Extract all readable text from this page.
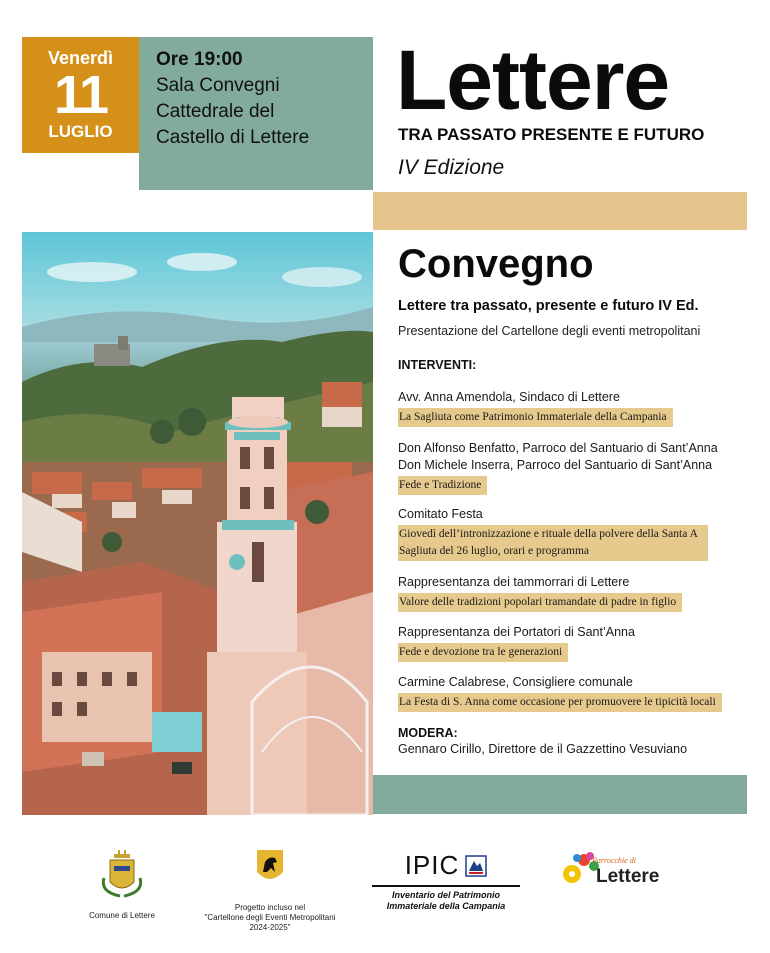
Venerdì
11
LUGLIO
Ore 19:00
Sala Convegni
Cattedrale del
Castello di Lettere
Lettere
TRA PASSATO PRESENTE E FUTURO
IV Edizione
Convegno
Lettere tra passato, presente e futuro IV Ed.
Presentazione del Cartellone degli eventi metropolitani
INTERVENTI:
Avv. Anna Amendola, Sindaco di Lettere
La Sagliuta come Patrimonio Immateriale della Campania
Don Alfonso Benfatto, Parroco del Santuario di Sant’Anna
Don Michele Inserra, Parroco del Santuario di Sant’Anna
Fede e Tradizione
Comitato Festa
Giovedì dell’intronizzazione e rituale della polvere della Santa A Sagliuta del 26 luglio, orari e programma
Rappresentanza dei tammorrari di Lettere
Valore delle tradizioni popolari tramandate di padre in figlio
Rappresentanza dei Portatori di Sant’Anna
Fede e devozione tra le generazioni
Carmine Calabrese, Consigliere comunale
La Festa di S. Anna come occasione per promuovere le tipicità locali
MODERA:
Gennaro Cirillo, Direttore de il Gazzettino Vesuviano
Comune di Lettere
Progetto incluso nel
"Cartellone degli Eventi Metropolitani
2024-2025"
IPIC
Inventario del Patrimonio
Immateriale della Campania
Parrocchie di
Lettere
